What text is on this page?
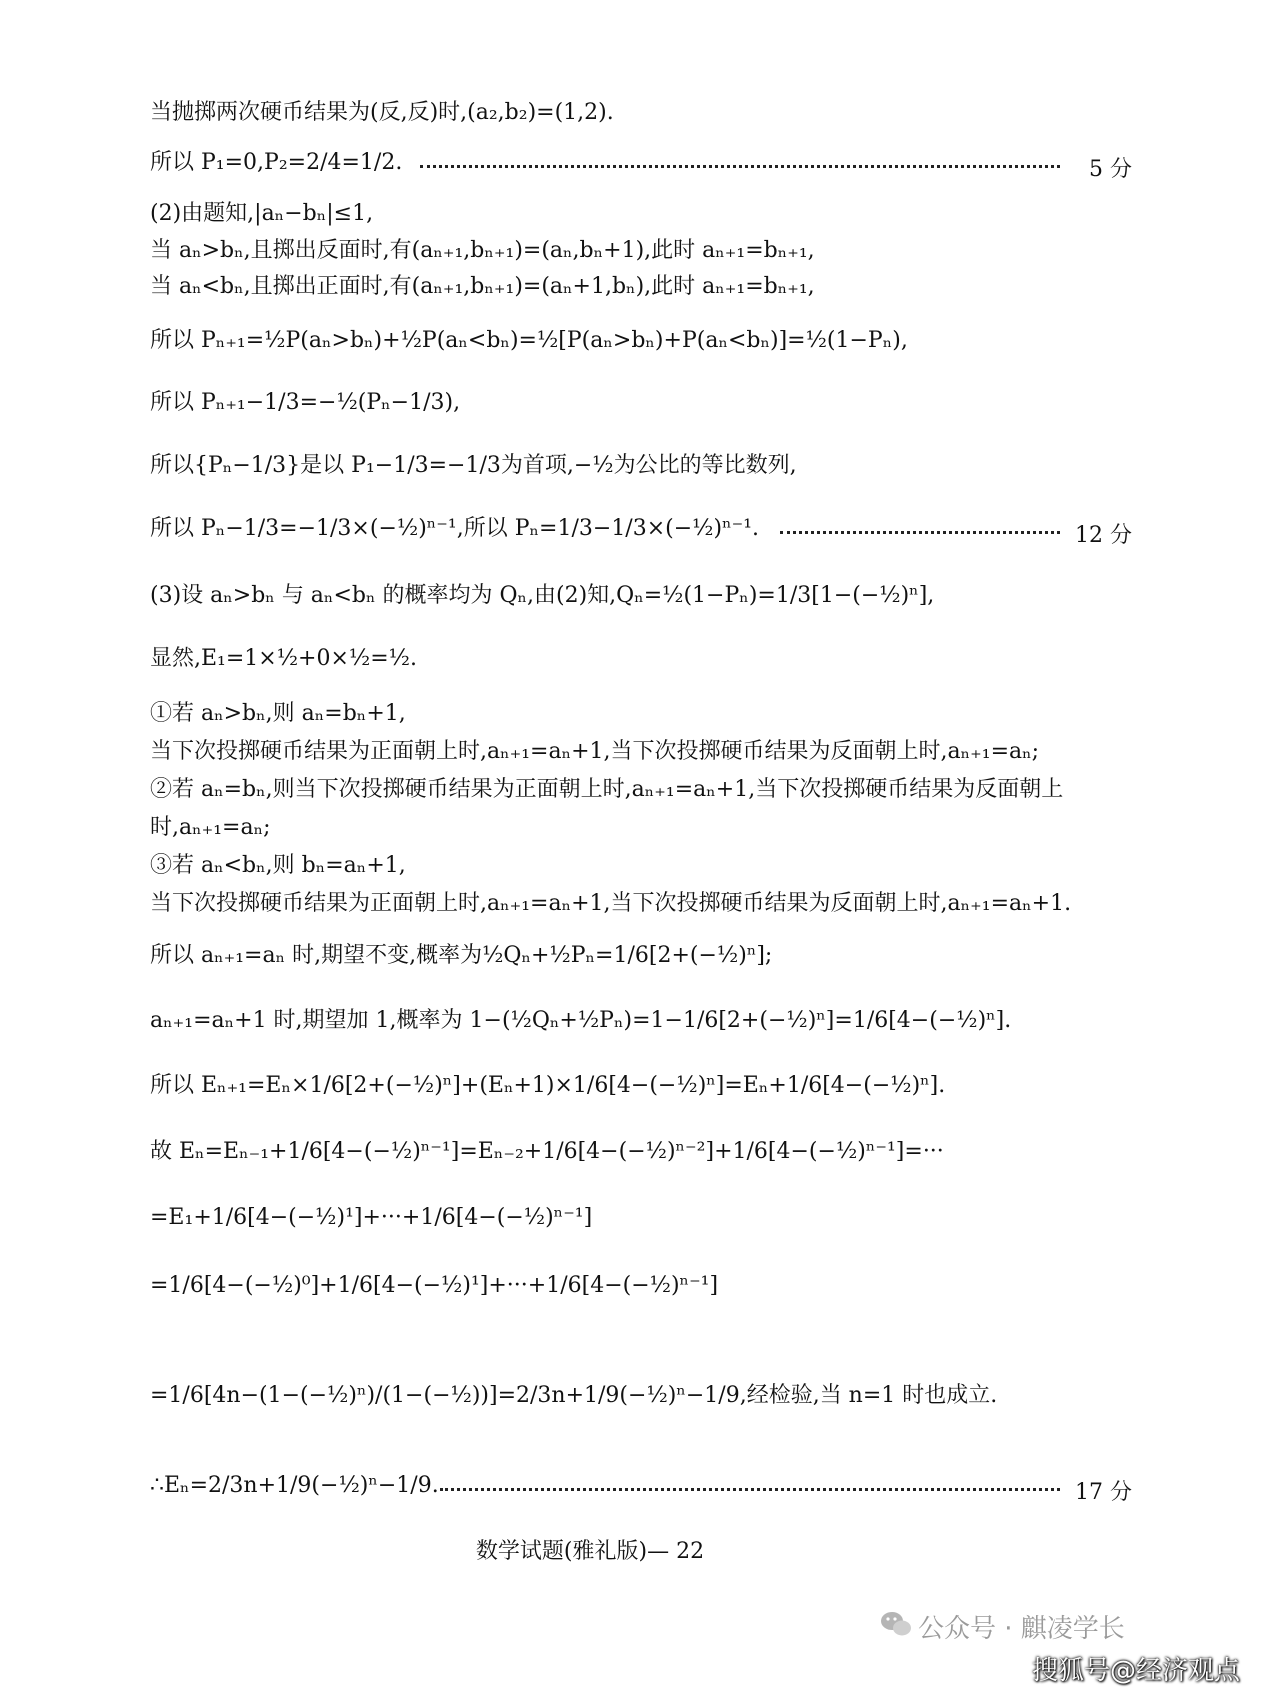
当抛掷两次硬币结果为(反,反)时,(a₂,b₂)=(1,2).
所以 P₁=0,P₂=2/4=1/2.	5 分
(2)由题知,|aₙ−bₙ|≤1,
当 aₙ>bₙ,且掷出反面时,有(aₙ₊₁,bₙ₊₁)=(aₙ,bₙ+1),此时 aₙ₊₁=bₙ₊₁,
当 aₙ<bₙ,且掷出正面时,有(aₙ₊₁,bₙ₊₁)=(aₙ+1,bₙ),此时 aₙ₊₁=bₙ₊₁,
所以 Pₙ₊₁=½P(aₙ>bₙ)+½P(aₙ<bₙ)=½[P(aₙ>bₙ)+P(aₙ<bₙ)]=½(1−Pₙ),
所以 Pₙ₊₁−1/3=−½(Pₙ−1/3),
所以{Pₙ−1/3}是以 P₁−1/3=−1/3为首项,−½为公比的等比数列,
所以 Pₙ−1/3=−1/3×(−½)ⁿ⁻¹,所以 Pₙ=1/3−1/3×(−½)ⁿ⁻¹.	12 分
(3)设 aₙ>bₙ 与 aₙ<bₙ 的概率均为 Qₙ,由(2)知,Qₙ=½(1−Pₙ)=1/3[1−(−½)ⁿ],
显然,E₁=1×½+0×½=½.
①若 aₙ>bₙ,则 aₙ=bₙ+1,
当下次投掷硬币结果为正面朝上时,aₙ₊₁=aₙ+1,当下次投掷硬币结果为反面朝上时,aₙ₊₁=aₙ;
②若 aₙ=bₙ,则当下次投掷硬币结果为正面朝上时,aₙ₊₁=aₙ+1,当下次投掷硬币结果为反面朝上
时,aₙ₊₁=aₙ;
③若 aₙ<bₙ,则 bₙ=aₙ+1,
当下次投掷硬币结果为正面朝上时,aₙ₊₁=aₙ+1,当下次投掷硬币结果为反面朝上时,aₙ₊₁=aₙ+1.
所以 aₙ₊₁=aₙ 时,期望不变,概率为½Qₙ+½Pₙ=1/6[2+(−½)ⁿ];
aₙ₊₁=aₙ+1 时,期望加 1,概率为 1−(½Qₙ+½Pₙ)=1−1/6[2+(−½)ⁿ]=1/6[4−(−½)ⁿ].
所以 Eₙ₊₁=Eₙ×1/6[2+(−½)ⁿ]+(Eₙ+1)×1/6[4−(−½)ⁿ]=Eₙ+1/6[4−(−½)ⁿ].
故 Eₙ=Eₙ₋₁+1/6[4−(−½)ⁿ⁻¹]=Eₙ₋₂+1/6[4−(−½)ⁿ⁻²]+1/6[4−(−½)ⁿ⁻¹]=···
=E₁+1/6[4−(−½)¹]+···+1/6[4−(−½)ⁿ⁻¹]
=1/6[4−(−½)⁰]+1/6[4−(−½)¹]+···+1/6[4−(−½)ⁿ⁻¹]
=1/6[4n−(1−(−½)ⁿ)/(1−(−½))]=2/3n+1/9(−½)ⁿ−1/9,经检验,当 n=1 时也成立.
∴Eₙ=2/3n+1/9(−½)ⁿ−1/9.	17 分
数学试题(雅礼版)— 22
公众号 · 麒凌学长
搜狐号@经济观点
